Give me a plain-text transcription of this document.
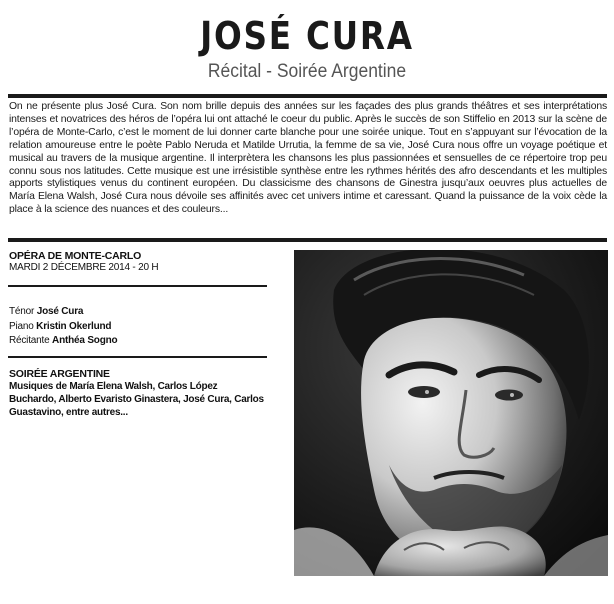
JOSÉ CURA
Récital - Soirée Argentine

On ne présente plus José Cura. Son nom brille depuis des années sur les façades des plus grands théâtres et ses interprétations intenses et novatrices des héros de l’opéra lui ont attaché le coeur du public. Après le succès de son Stiffelio en 2013 sur la scène de l’opéra de Monte-Carlo, c’est le moment de lui donner carte blanche pour une soirée unique. Tout en s’appuyant sur l’évocation de la relation amoureuse entre le poète Pablo Neruda et Matilde Urrutia, la femme de sa vie, José Cura nous offre un voyage poétique et musical au travers de la musique argentine. Il interprètera les chansons les plus passionnées et sensuelles de ce répertoire trop peu connu sous nos latitudes. Cette musique est une irrésistible synthèse entre les rythmes hérités des afro descendants et les multiples apports stylistiques venus du continent européen. Du classicisme des chansons de Ginestra jusqu’aux oeuvres plus actuelles de María Elena Walsh, José Cura nous dévoile ses affinités avec cet univers intime et caressant. Quand la puissance de la voix cède la place à la science des nuances et des couleurs...

OPÉRA DE MONTE-CARLO
MARDI 2 DÉCEMBRE 2014 - 20 H
Ténor José Cura
Piano Kristin Okerlund
Récitante Anthéa Sogno
SOIRÉE ARGENTINE
Musiques de María Elena Walsh, Carlos López Buchardo, Alberto Evaristo Ginastera, José Cura, Carlos Guastavino, entre autres...
